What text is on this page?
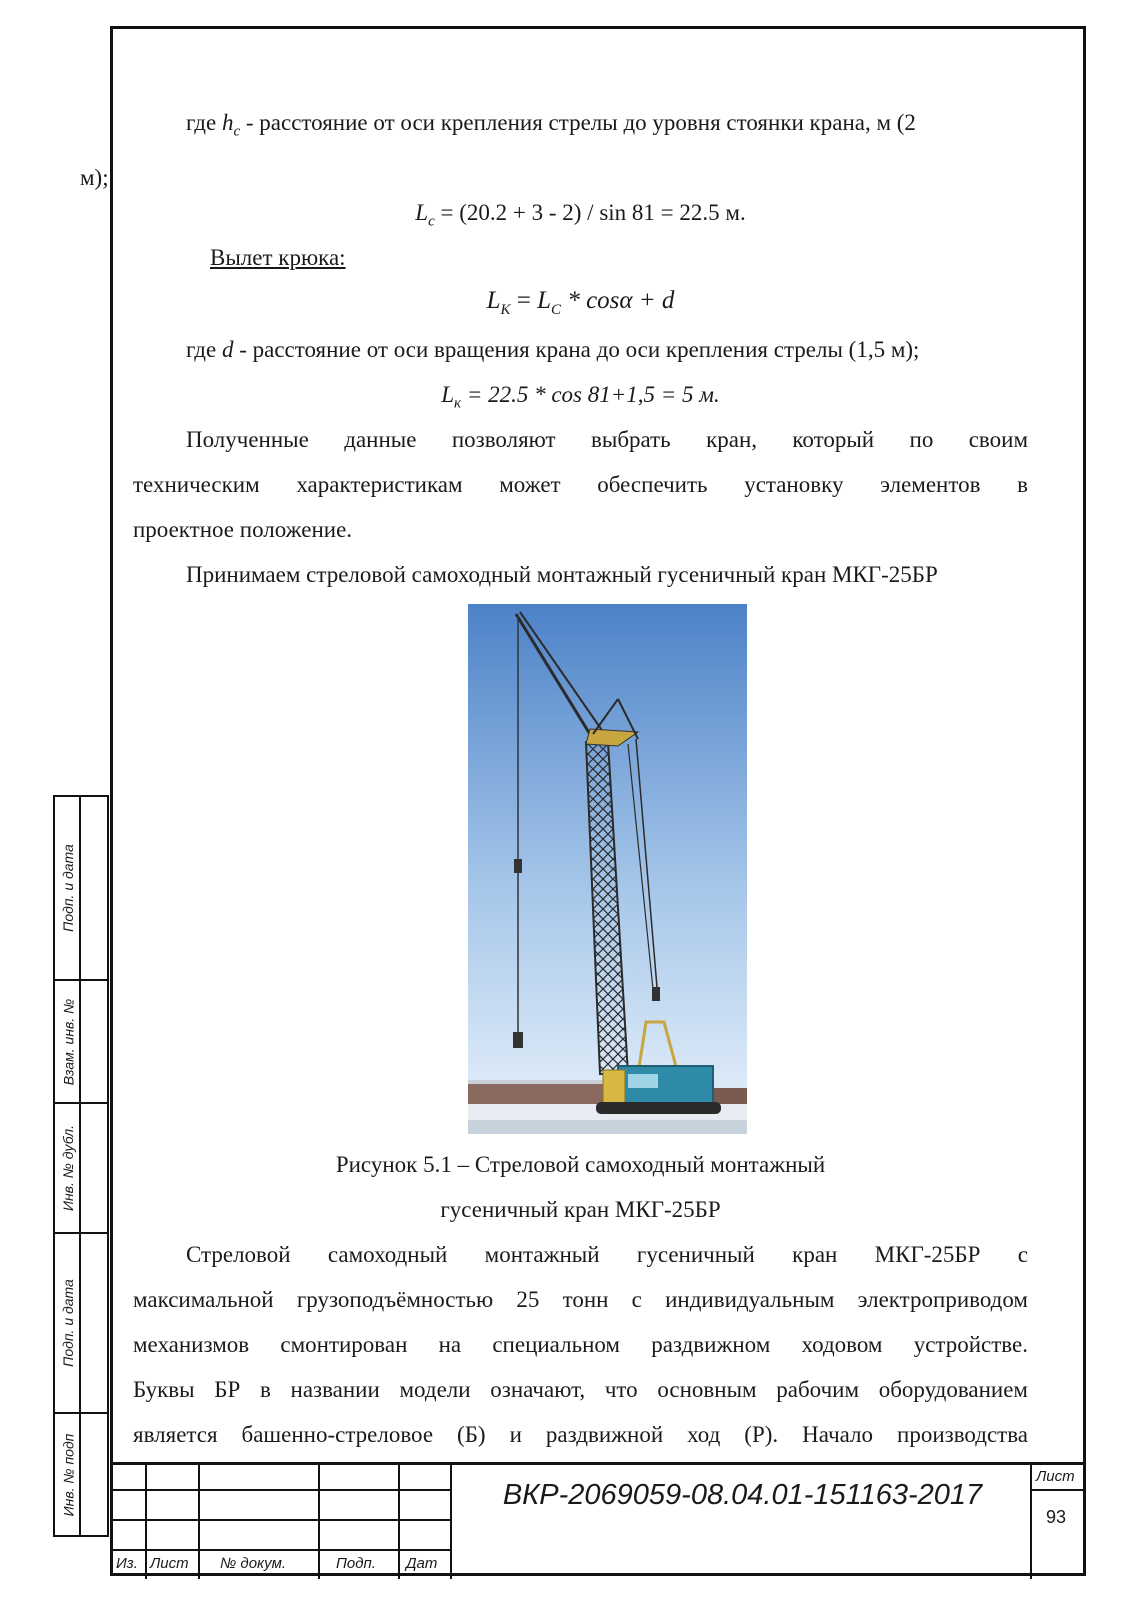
где $h_c$ - расстояние от оси крепления стрелы до уровня стоянки крана, м (2
м);
$L_c = (20.2 + 3 - 2) / \sin 81 = 22.5$ м.
Вылет крюка:
$L_K = L_C * \cos\alpha + d$
где d - расстояние от оси вращения крана до оси крепления стрелы (1,5 м);
$L_к = 22.5 * \cos 81+1,5 = 5$ м.
Полученные данные позволяют выбрать кран, который по своим
техническим характеристикам может обеспечить установку элементов в
проектное положение.
Принимаем стреловой самоходный монтажный гусеничный кран МКГ-25БР
Рисунок 5.1 – Стреловой самоходный монтажный
гусеничный кран МКГ-25БР
Стреловой самоходный монтажный гусеничный кран МКГ-25БР с
максимальной грузоподъёмностью 25 тонн с индивидуальным электроприводом
механизмов смонтирован на специальном раздвижном ходовом устройстве.
Буквы БР в названии модели означают, что основным рабочим оборудованием
является башенно-стреловое (Б) и раздвижной ход (Р). Начало производства
Подп. и дата
Взам. инв. №
Инв. № дубл.
Подп. и дата
Инв. № подп
Из. Лист № докум.	Подп. Дат
ВКР-2069059-08.04.01-151163-2017
Лист
93
